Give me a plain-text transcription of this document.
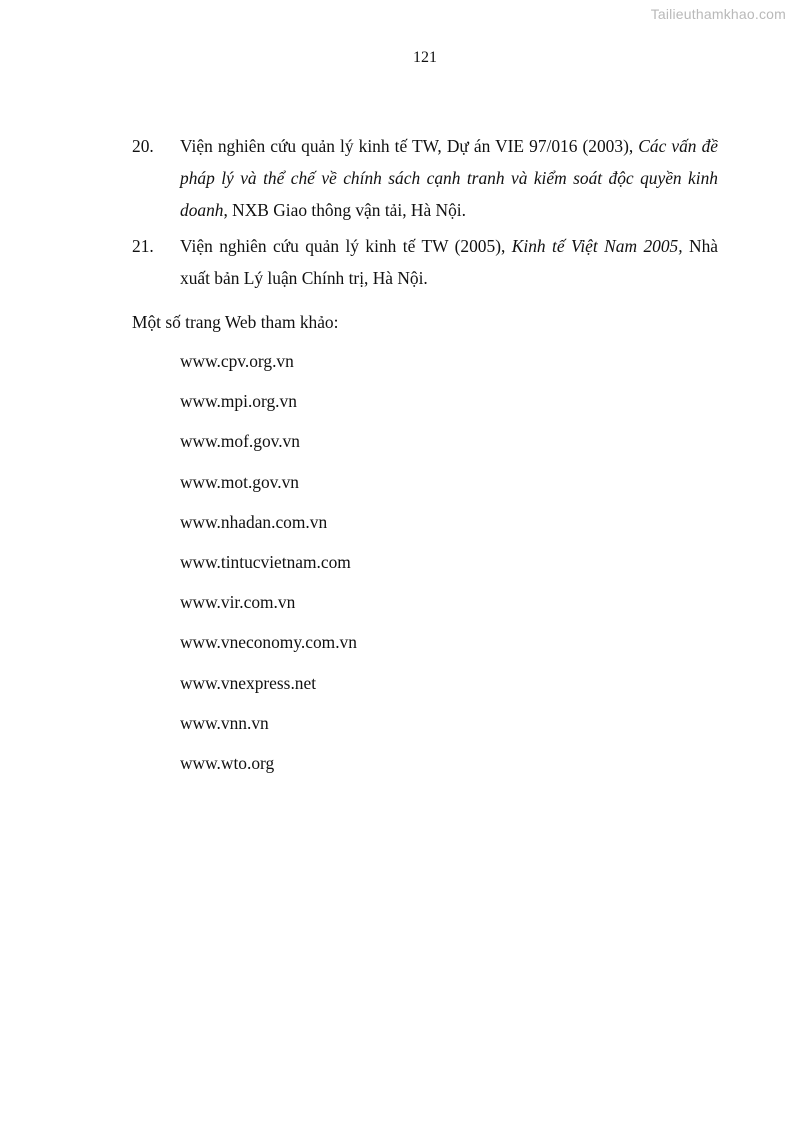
Tailieuthamkhao.com
121
20.	Viện nghiên cứu quản lý kinh tế TW, Dự án VIE 97/016 (2003), Các vấn đề pháp lý và thể chế về chính sách cạnh tranh và kiểm soát độc quyền kinh doanh, NXB Giao thông vận tải, Hà Nội.
21.	Viện nghiên cứu quản lý kinh tế TW (2005), Kinh tế Việt Nam 2005, Nhà xuất bản Lý luận Chính trị, Hà Nội.
Một số trang Web tham khảo:
www.cpv.org.vn
www.mpi.org.vn
www.mof.gov.vn
www.mot.gov.vn
www.nhadan.com.vn
www.tintucvietnam.com
www.vir.com.vn
www.vneconomy.com.vn
www.vnexpress.net
www.vnn.vn
www.wto.org
